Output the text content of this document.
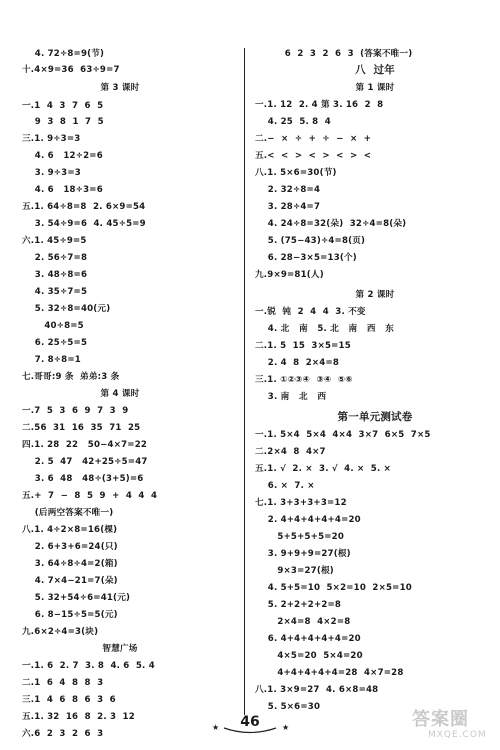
4. 72÷8=9(节)
十.4×9=36  63÷9=7
第 3 课时
一.1  4  3  7  6  5
9  3  8  1  7  5
三.1. 9÷3=3
4. 6   12÷2=6
3. 9÷3=3
4. 6   18÷3=6
五.1. 64÷8=8  2. 6×9=54
3. 54÷9=6  4. 45÷5=9
六.1. 45÷9=5
2. 56÷7=8
3. 48÷8=6
4. 35÷7=5
5. 32÷8=40(元)
40÷8=5
6. 25÷5=5
7. 8÷8=1
七.哥哥:9 条  弟弟:3 条
第 4 课时
一.7  5  3  6  9  7  3  9
二.56  31  16  35  71  25
四.1. 28  22   50−4×7=22
2. 5  47   42+25÷5=47
3. 6  48   48÷(3+5)=6
五.+  7  −  8  5  9  +  4  4  4
(后两空答案不唯一)
八.1. 4÷2×8=16(棵)
2. 6+3+6=24(只)
3. 64÷8÷4=2(箱)
4. 7×4−21=7(朵)
5. 32+54÷6=41(元)
6. 8−15÷5=5(元)
九.6×2÷4=3(块)
智慧广场
一.1. 6  2. 7  3. 8  4. 6  5. 4
二.1  6  4  8  8  3
三.1  4  6  8  6  3  6
五.1. 32  16  8  2. 3  12
六.6  2  3  2  6  3
6  2  3  2  6  3  (答案不唯一)
八  过年
第 1 课时
一.1. 12  2. 4 第 3. 16  2  8
4. 25  5. 8  4
二.−  ×  ÷  +  ÷  −  ×  +
五.<  <  >  <  >  <  >  <
八.1. 5×6=30(节)
2. 32÷8=4
3. 28÷4=7
4. 24÷8=32(朵)  32÷4=8(朵)
5. (75−43)÷4=8(页)
6. 28−3×5=13(个)
九.9×9=81(人)
第 2 课时
一.锐  钝  2  4  4  3. 不变
4. 北   南   5. 北   南   西   东
二.1. 5  15  3×5=15
2. 4  8  2×4=8
三.1. ①②③④  ③④  ⑤⑥
3. 南   北   西
第一单元测试卷
一.1. 5×4  5×4  4×4  3×7  6×5  7×5
二.2×4  8  4×7
五.1. √  2. ×  3. √  4. ×  5. ×
6. ×  7. ×
七.1. 3+3+3+3=12
2. 4+4+4+4+4=20
5+5+5+5=20
3. 9+9+9=27(根)
9×3=27(根)
4. 5+5=10  5×2=10  2×5=10
5. 2+2+2+2=8
2×4=8  4×2=8
6. 4+4+4+4+4=20
4×5=20  5×4=20
4+4+4+4+4=28  4×7=28
八.1. 3×9=27  4. 6×8=48
5. 5×6=30
★	46	★	答案圈
MXQE.COM
